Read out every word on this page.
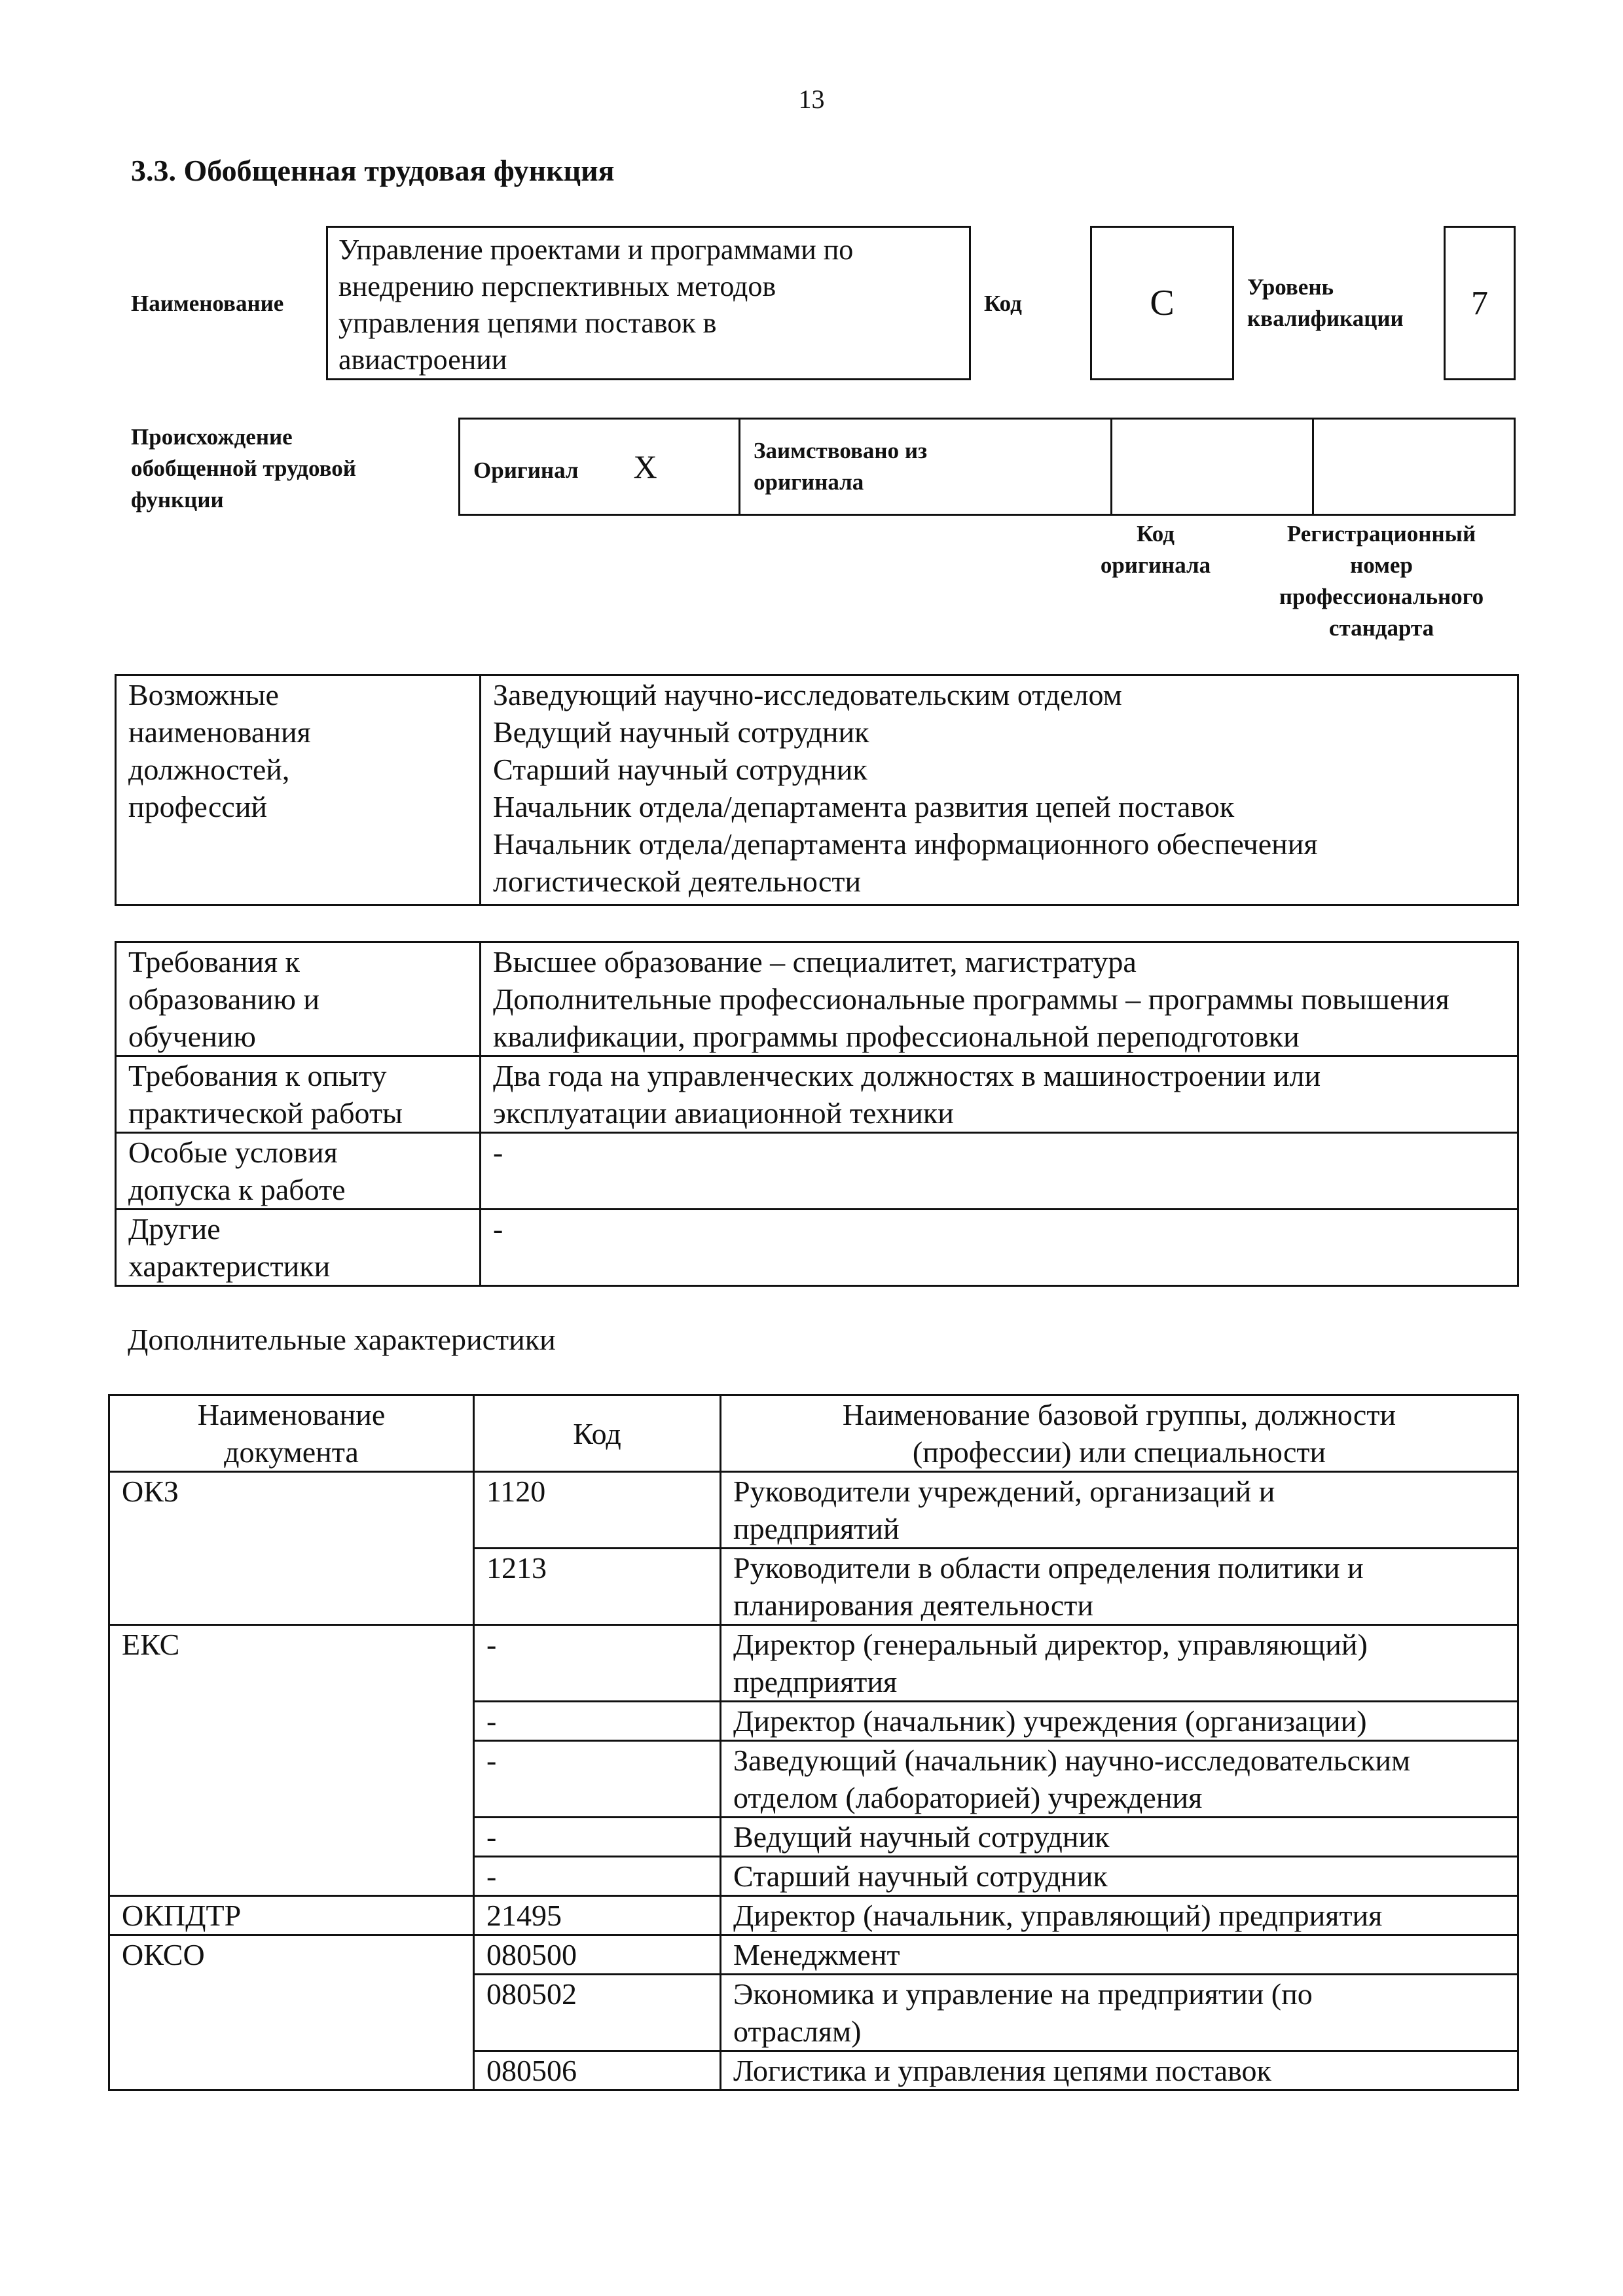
13
3.3. Обобщенная трудовая функция
Наименование
Управление проектами и программами по
внедрению перспективных методов
управления цепями поставок в
авиастроении
Код	С	Уровень
квалификации	7
Происхождение
обобщенной трудовой
функции
Оригинал X	Заимствовано из
оригинала

Код
оригинала
Регистрационный
номер
профессионального
стандарта
Возможные
наименования
должностей,
профессий

Заведующий научно-исследовательским отделом
Ведущий научный сотрудник
Старший научный сотрудник
Начальник отдела/департамента развития цепей поставок
Начальник отдела/департамента информационного обеспечения
логистической деятельности
Требования к
образованию и
обучению	Высшее образование – специалитет, магистратура
Дополнительные профессиональные программы – программы повышения
квалификации, программы профессиональной переподготовки

Требования к опыту
практической работы	Два года на управленческих должностях в машиностроении или
эксплуатации авиационной техники

Особые условия
допуска к работе	-

Другие
характеристики	-
Дополнительные характеристики
Наименование
документа	Код	Наименование базовой группы, должности
(профессии) или специальности

ОКЗ	1120	Руководители учреждений, организаций и
предприятий

	1213	Руководители в области определения политики и
планирования деятельности

ЕКС	-	Директор (генеральный директор, управляющий)
предприятия

	-	Директор (начальник) учреждения (организации)
	-	Заведующий (начальник) научно-исследовательским
отделом (лабораторией) учреждения

	-	Ведущий научный сотрудник
	-	Старший научный сотрудник
ОКПДТР	21495	Директор (начальник, управляющий) предприятия
ОКСО	080500	Менеджмент
	080502	Экономика и управление на предприятии (по
отраслям)

	080506	Логистика и управления цепями поставок
